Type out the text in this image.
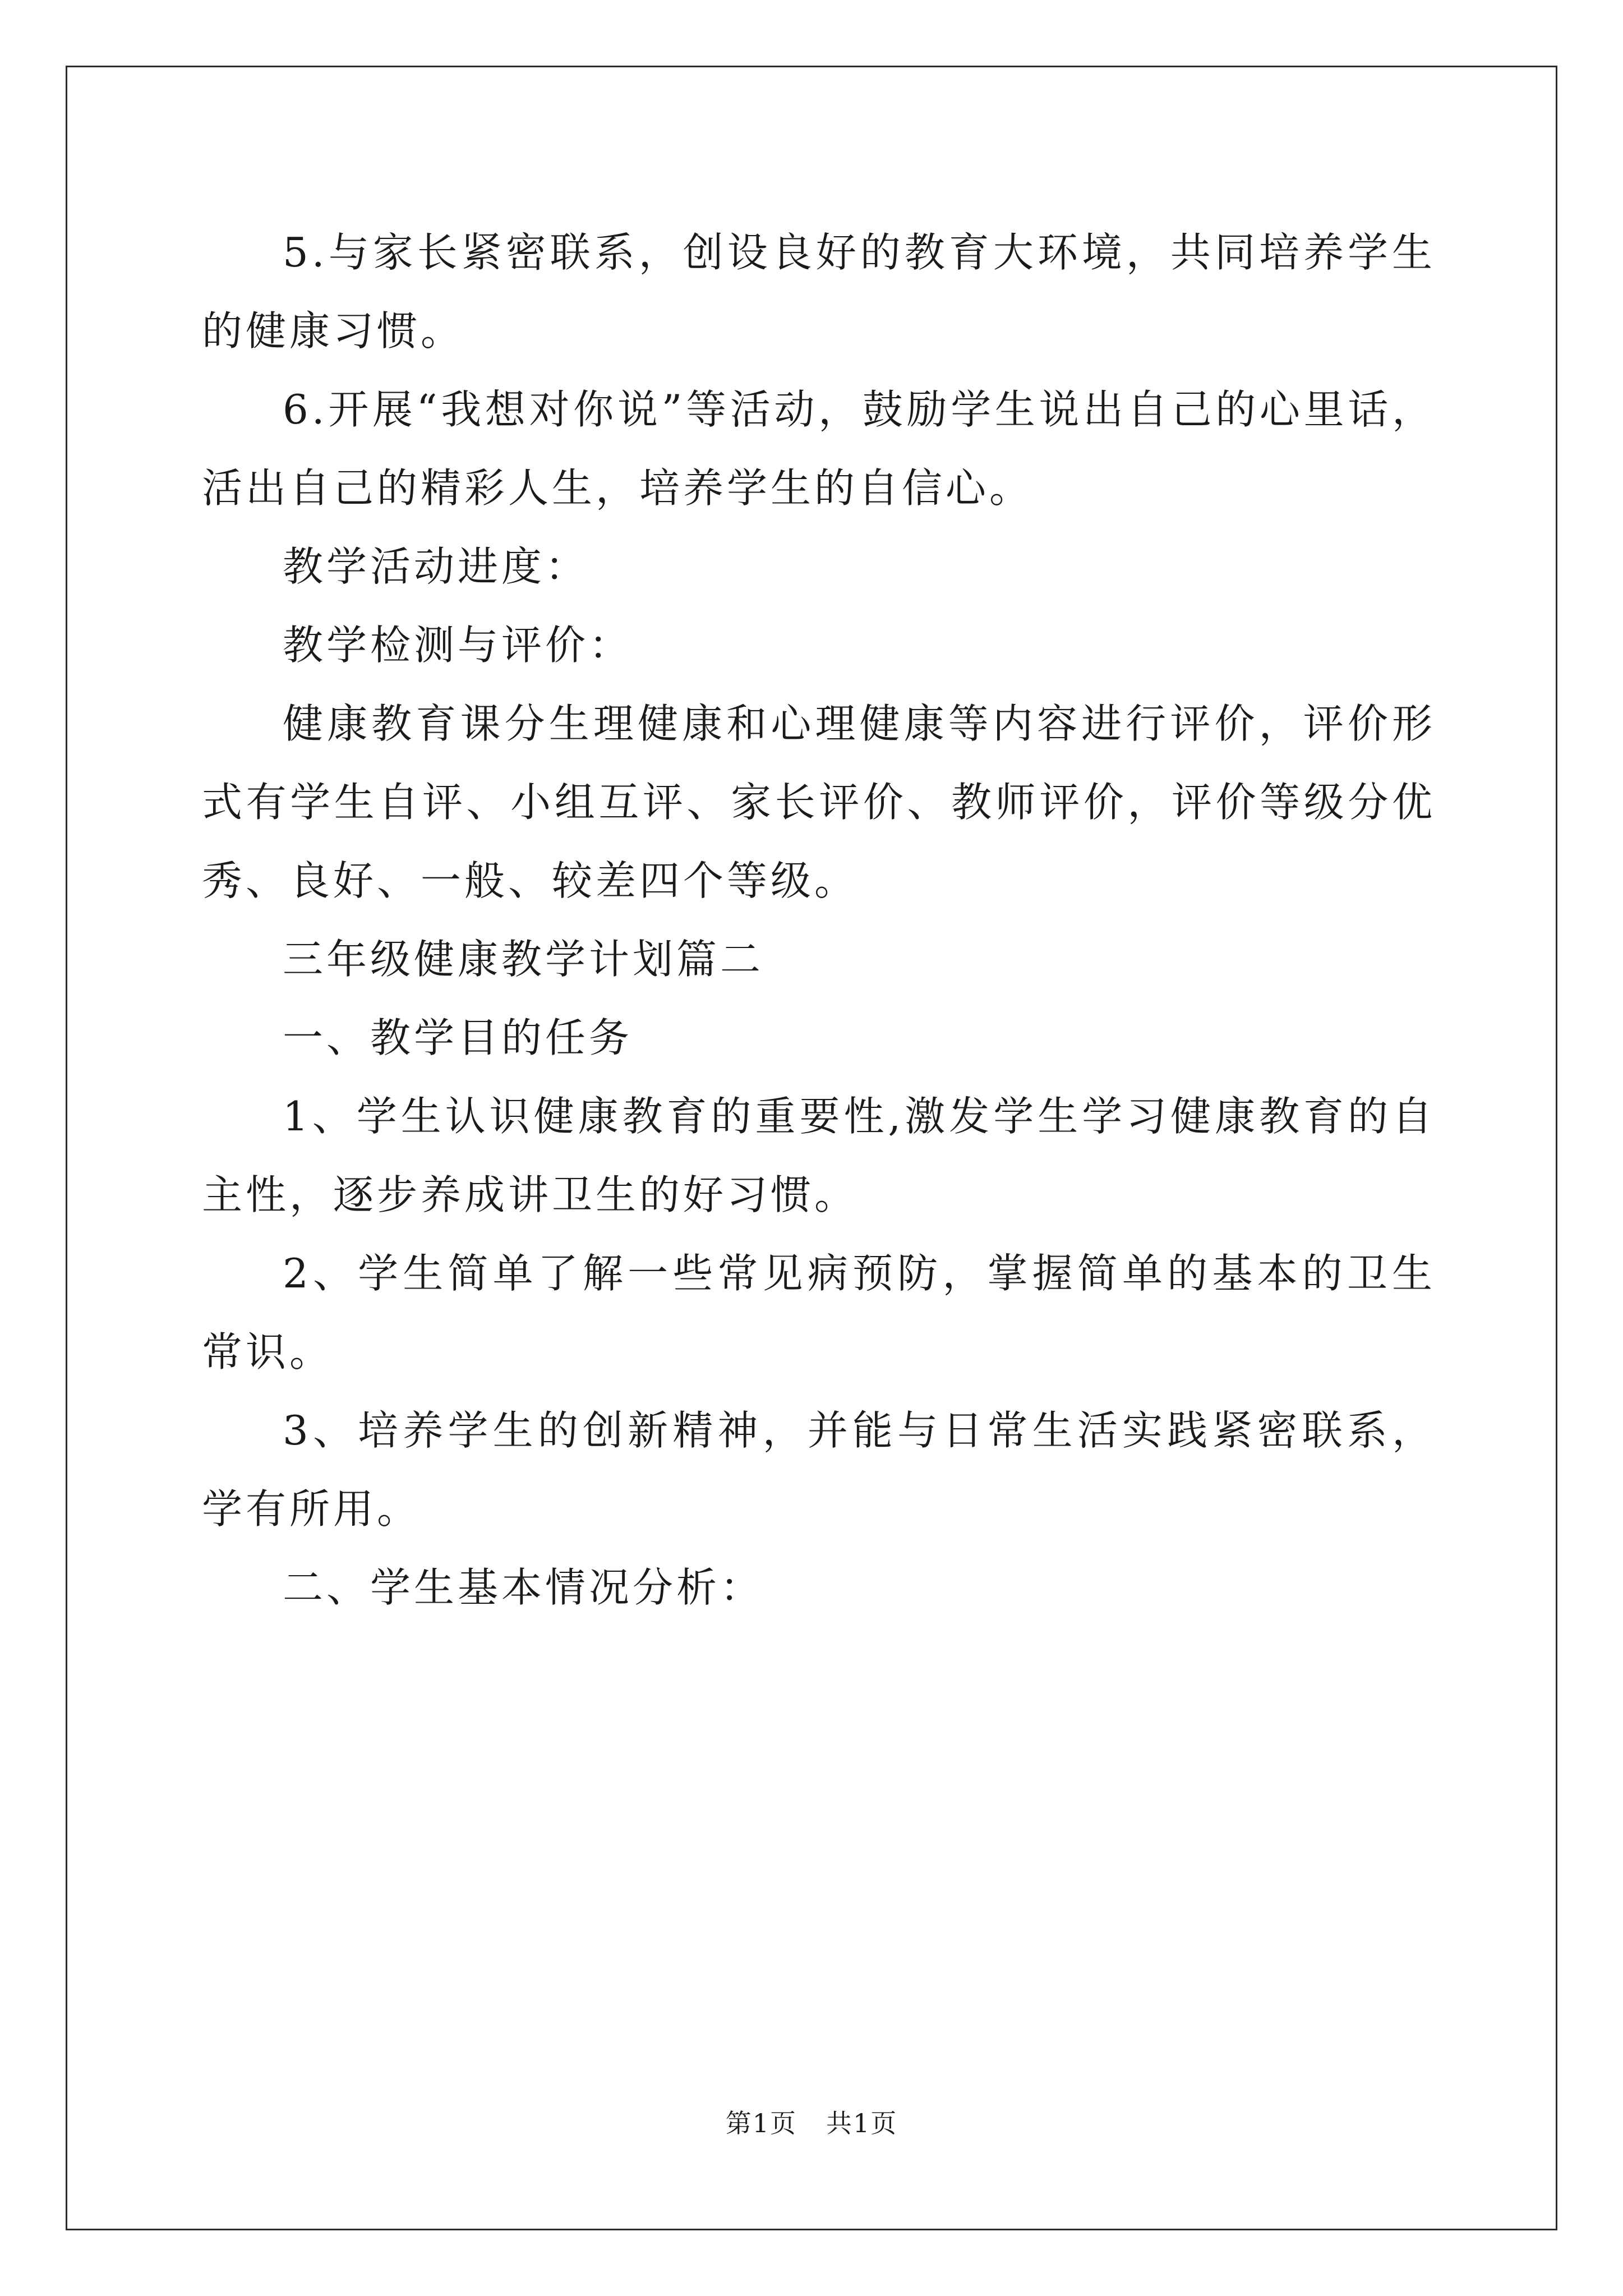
5.与家长紧密联系，创设良好的教育大环境，共同培养学生的健康习惯。

6.开展“我想对你说”等活动，鼓励学生说出自己的心里话，活出自己的精彩人生，培养学生的自信心。

教学活动进度：

教学检测与评价：

健康教育课分生理健康和心理健康等内容进行评价，评价形式有学生自评、小组互评、家长评价、教师评价，评价等级分优秀、良好、一般、较差四个等级。

三年级健康教学计划篇二

一、教学目的任务

1、学生认识健康教育的重要性,激发学生学习健康教育的自主性，逐步养成讲卫生的好习惯。

2、学生简单了解一些常见病预防，掌握简单的基本的卫生常识。

3、培养学生的创新精神，并能与日常生活实践紧密联系，学有所用。

二、学生基本情况分析：

第1页 共1页
